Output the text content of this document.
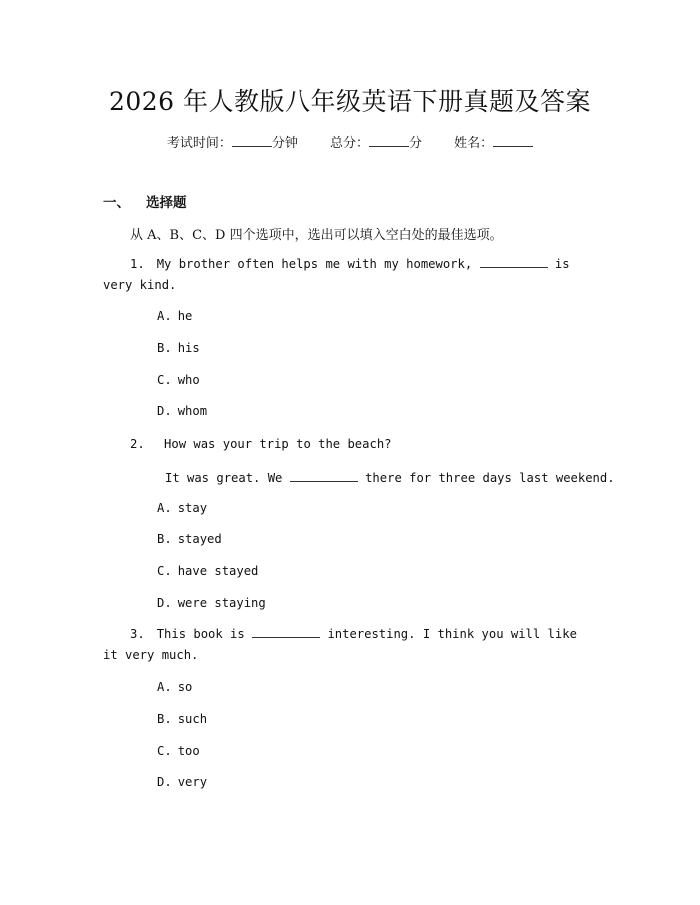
2026 年人教版八年级英语下册真题及答案
考试时间：	分钟 总分：	分 姓名：
一、 选择题
从 A、B、C、D 四个选项中，选出可以填入空白处的最佳选项。
1. My brother often helps me with my homework,	is very kind.
A. he
B. his
C. who
D. whom
2. How was your trip to the beach?
It was great. We	there for three days last weekend.
A. stay
B. stayed
C. have stayed
D. were staying
3. This book is	interesting. I think you will like it very much.
A. so
B. such
C. too
D. very
